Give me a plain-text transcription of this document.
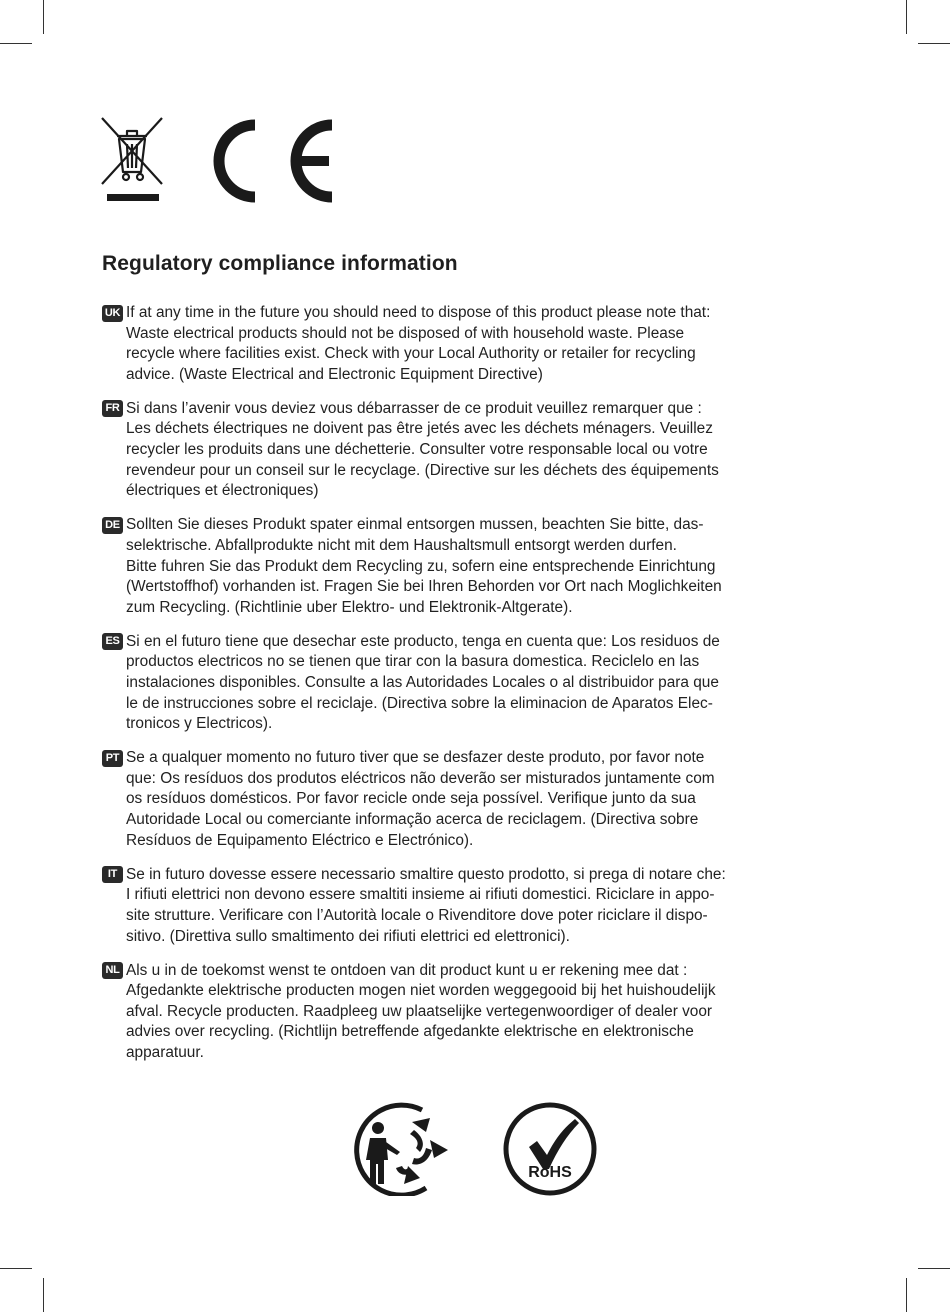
Regulatory compliance information
UK If at any time in the future you should need to dispose of this product please note that:
Waste electrical products should not be disposed of with household waste. Please
recycle where facilities exist. Check with your Local Authority or retailer for recycling
advice. (Waste Electrical and Electronic Equipment Directive)
FR Si dans l’avenir vous deviez vous débarrasser de ce produit veuillez remarquer que :
Les déchets électriques ne doivent pas être jetés avec les déchets ménagers. Veuillez
recycler les produits dans une déchetterie. Consulter votre responsable local ou votre
revendeur pour un conseil sur le recyclage. (Directive sur les déchets des équipements
électriques et électroniques)
DE Sollten Sie dieses Produkt spater einmal entsorgen mussen, beachten Sie bitte, das-
selektrische. Abfallprodukte nicht mit dem Haushaltsmull entsorgt werden durfen.
Bitte fuhren Sie das Produkt dem Recycling zu, sofern eine entsprechende Einrichtung
(Wertstoffhof) vorhanden ist. Fragen Sie bei Ihren Behorden vor Ort nach Moglichkeiten
zum Recycling. (Richtlinie uber Elektro- und Elektronik-Altgerate).
ES Si en el futuro tiene que desechar este producto, tenga en cuenta que: Los residuos de
productos electricos no se tienen que tirar con la basura domestica. Reciclelo en las
instalaciones disponibles. Consulte a las Autoridades Locales o al distribuidor para que
le de instrucciones sobre el reciclaje. (Directiva sobre la eliminacion de Aparatos Elec-
tronicos y Electricos).
PT Se a qualquer momento no futuro tiver que se desfazer deste produto, por favor note
que: Os resíduos dos produtos eléctricos não deverão ser misturados juntamente com
os resíduos domésticos. Por favor recicle onde seja possível. Verifique junto da sua
Autoridade Local ou comerciante informação acerca de reciclagem. (Directiva sobre
Resíduos de Equipamento Eléctrico e Electrónico).
IT Se in futuro dovesse essere necessario smaltire questo prodotto, si prega di notare che:
I rifiuti elettrici non devono essere smaltiti insieme ai rifiuti domestici. Riciclare in appo-
site strutture. Verificare con l’Autorità locale o Rivenditore dove poter riciclare il dispo-
sitivo. (Direttiva sullo smaltimento dei rifiuti elettrici ed elettronici).
NL Als u in de toekomst wenst te ontdoen van dit product kunt u er rekening mee dat :
Afgedankte elektrische producten mogen niet worden weggegooid bij het huishoudelijk
afval. Recycle producten. Raadpleeg uw plaatselijke vertegenwoordiger of dealer voor
advies over recycling. (Richtlijn betreffende afgedankte elektrische en elektronische
apparatuur.
RoHS
